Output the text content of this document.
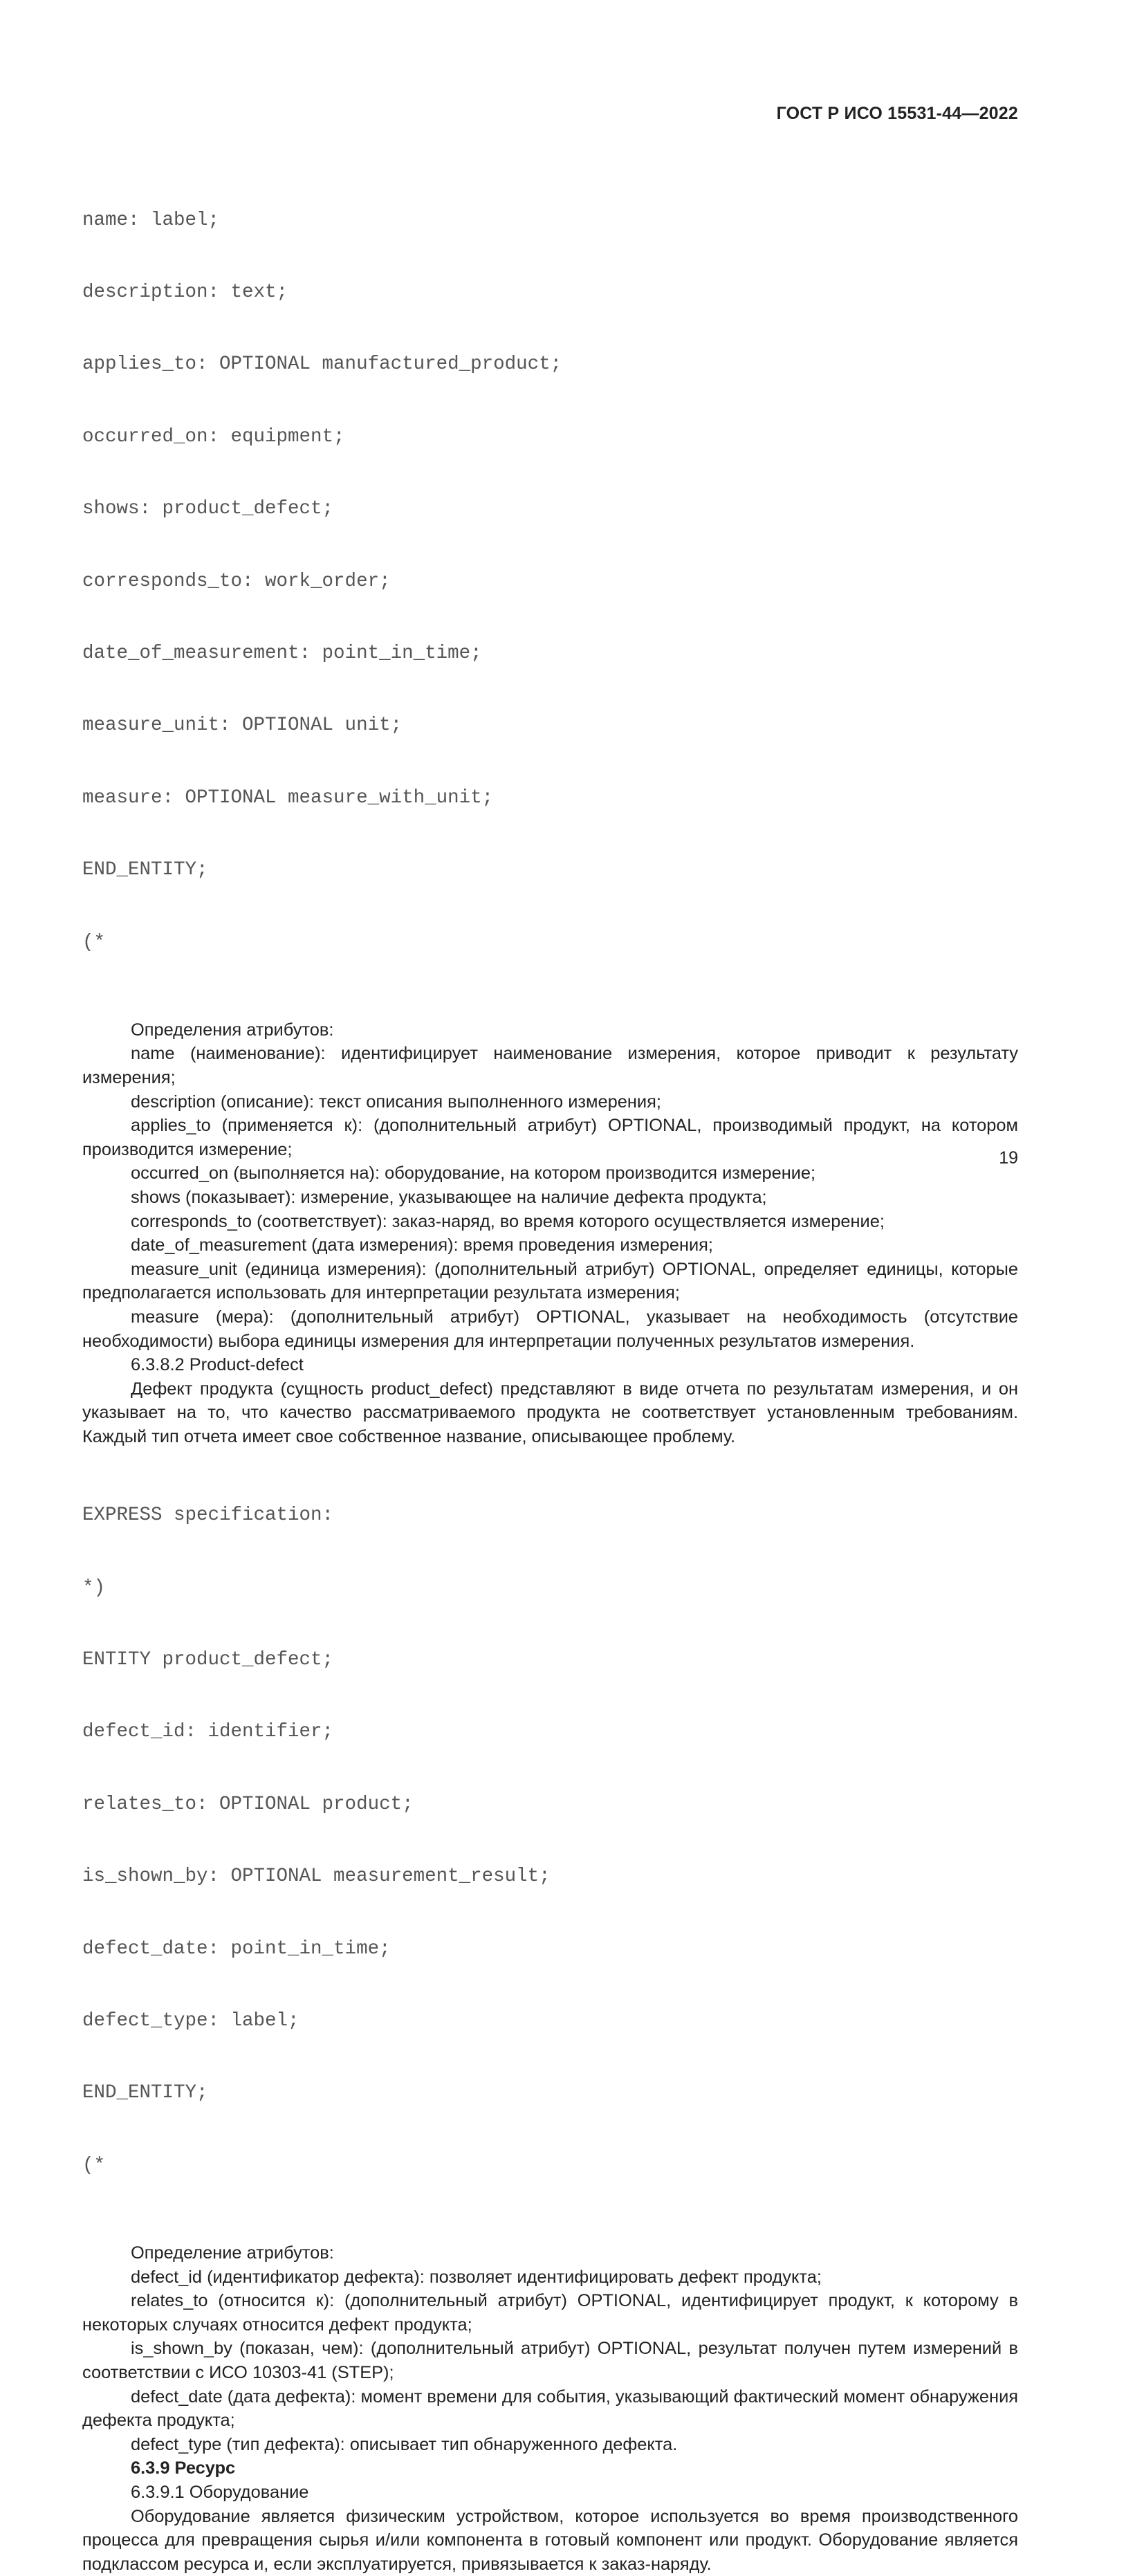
ГОСТ Р ИСО 15531-44—2022

name: label;

description: text;

applies_to: OPTIONAL manufactured_product;

occurred_on: equipment;

shows: product_defect;

corresponds_to: work_order;

date_of_measurement: point_in_time;

measure_unit: OPTIONAL unit;

measure: OPTIONAL measure_with_unit;

END_ENTITY;

(*

Определения атрибутов:

name (наименование): идентифицирует наименование измерения, которое приводит к результату измерения;

description (описание): текст описания выполненного измерения;

applies_to (применяется к): (дополнительный атрибут) OPTIONAL, производимый продукт, на котором производится измерение;

occurred_on (выполняется на): оборудование, на котором производится измерение;

shows (показывает): измерение, указывающее на наличие дефекта продукта;

corresponds_to (соответствует): заказ-наряд, во время которого осуществляется измерение;

date_of_measurement (дата измерения): время проведения измерения;

measure_unit (единица измерения): (дополнительный атрибут) OPTIONAL, определяет единицы, которые предполагается использовать для интерпретации результата измерения;

measure (мера): (дополнительный атрибут) OPTIONAL, указывает на необходимость (отсутствие необходимости) выбора единицы измерения для интерпретации полученных результатов измерения.

6.3.8.2 Product-defect

Дефект продукта (сущность product_defect) представляют в виде отчета по результатам измерения, и он указывает на то, что качество рассматриваемого продукта не соответствует установленным требованиям. Каждый тип отчета имеет свое собственное название, описывающее проблему.

EXPRESS specification:

*)

ENTITY product_defect;

defect_id: identifier;

relates_to: OPTIONAL product;

is_shown_by: OPTIONAL measurement_result;

defect_date: point_in_time;

defect_type: label;

END_ENTITY;

(*

Определение атрибутов:

defect_id (идентификатор дефекта): позволяет идентифицировать дефект продукта;

relates_to (относится к): (дополнительный атрибут) OPTIONAL, идентифицирует продукт, к которому в некоторых случаях относится дефект продукта;

is_shown_by (показан, чем): (дополнительный атрибут) OPTIONAL, результат получен путем измерений в соответствии с ИСО 10303-41 (STEP);

defect_date (дата дефекта): момент времени для события, указывающий фактический момент обнаружения дефекта продукта;

defect_type (тип дефекта): описывает тип обнаруженного дефекта.

6.3.9 Ресурс

6.3.9.1 Оборудование

Оборудование является физическим устройством, которое используется во время производственного процесса для превращения сырья и/или компонента в готовый компонент или продукт. Оборудование является подклассом ресурса и, если эксплуатируется, привязывается к заказ-наряду.

19
